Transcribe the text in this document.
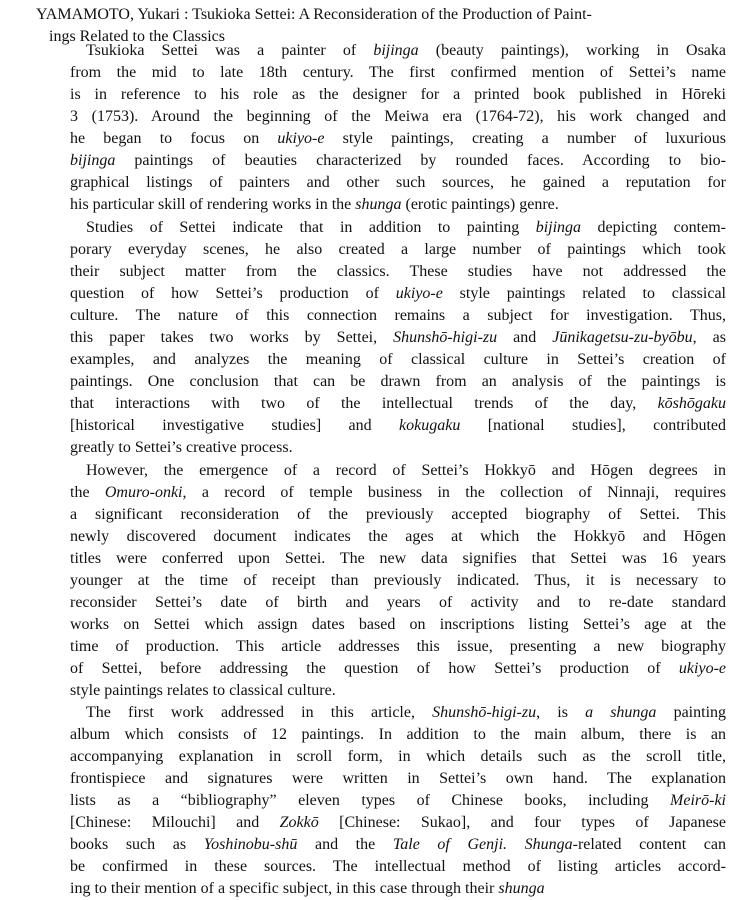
YAMAMOTO, Yukari : Tsukioka Settei: A Reconsideration of the Production of Paint-
ings Related to the Classics
Tsukioka Settei was a painter of bijinga (beauty paintings), working in Osaka
from the mid to late 18th century. The first confirmed mention of Settei’s name
is in reference to his role as the designer for a printed book published in Hōreki
3 (1753). Around the beginning of the Meiwa era (1764-72), his work changed and
he began to focus on ukiyo-e style paintings, creating a number of luxurious
bijinga paintings of beauties characterized by rounded faces. According to bio-
graphical listings of painters and other such sources, he gained a reputation for
his particular skill of rendering works in the shunga (erotic paintings) genre.
Studies of Settei indicate that in addition to painting bijinga depicting contem-
porary everyday scenes, he also created a large number of paintings which took
their subject matter from the classics. These studies have not addressed the
question of how Settei’s production of ukiyo-e style paintings related to classical
culture. The nature of this connection remains a subject for investigation. Thus,
this paper takes two works by Settei, Shunshō-higi-zu and Jūnikagetsu-zu-byōbu, as
examples, and analyzes the meaning of classical culture in Settei’s creation of
paintings. One conclusion that can be drawn from an analysis of the paintings is
that interactions with two of the intellectual trends of the day, kōshōgaku
[historical investigative studies] and kokugaku [national studies], contributed
greatly to Settei’s creative process.
However, the emergence of a record of Settei’s Hokkyō and Hōgen degrees in
the Omuro-onki, a record of temple business in the collection of Ninnaji, requires
a significant reconsideration of the previously accepted biography of Settei. This
newly discovered document indicates the ages at which the Hokkyō and Hōgen
titles were conferred upon Settei. The new data signifies that Settei was 16 years
younger at the time of receipt than previously indicated. Thus, it is necessary to
reconsider Settei’s date of birth and years of activity and to re-date standard
works on Settei which assign dates based on inscriptions listing Settei’s age at the
time of production. This article addresses this issue, presenting a new biography
of Settei, before addressing the question of how Settei’s production of ukiyo-e
style paintings relates to classical culture.
The first work addressed in this article, Shunshō-higi-zu, is a shunga painting
album which consists of 12 paintings. In addition to the main album, there is an
accompanying explanation in scroll form, in which details such as the scroll title,
frontispiece and signatures were written in Settei’s own hand. The explanation
lists as a “bibliography” eleven types of Chinese books, including Meirō-ki
[Chinese: Milouchi] and Zokkō [Chinese: Sukao], and four types of Japanese
books such as Yoshinobu-shū and the Tale of Genji. Shunga-related content can
be confirmed in these sources. The intellectual method of listing articles accord-
ing to their mention of a specific subject, in this case through their shunga
